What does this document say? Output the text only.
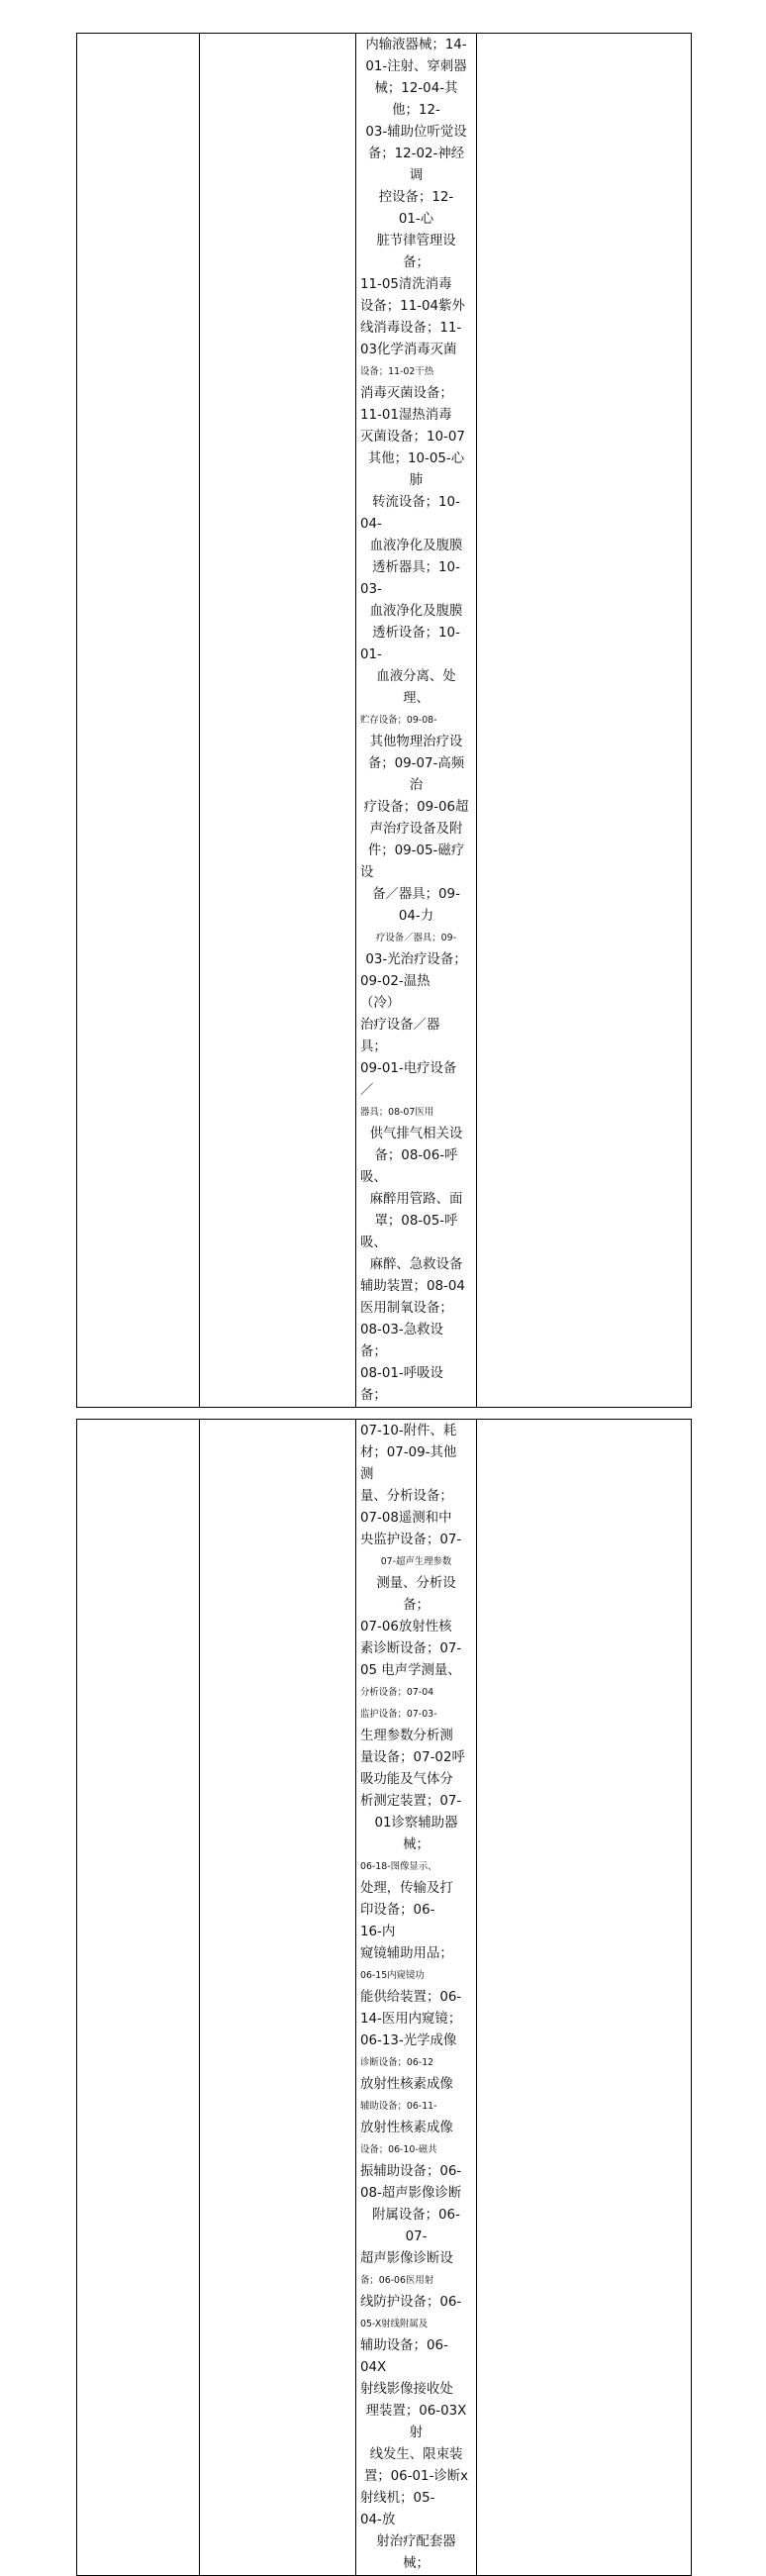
内输液器械；14-
01-注射、穿刺器
械；12-04-其
他；12-
03-辅助位听觉设
备；12-02-神经
调
控设备；12-
01-心
脏节律管理设
备；
11-05清洗消毒
设备；11-04紫外
线消毒设备；11-
03化学消毒灭菌
设备；11-02干热
消毒灭菌设备；
11-01湿热消毒
灭菌设备；10-07
其他；10-05-心
肺
转流设备；10-
04-
血液净化及腹膜
透析器具；10-
03-
血液净化及腹膜
透析设备；10-
01-
血液分离、处
理、
贮存设备；09-08-
其他物理治疗设
备；09-07-高频
治
疗设备；09-06超
声治疗设备及附
件；09-05-磁疗
设
备／器具；09-
04-力
疗设备／器具；09-
03-光治疗设备；
09-02-温热
（冷）
治疗设备／器
具；
09-01-电疗设备
／
器具；08-07医用
供气排气相关设
备；08-06-呼
吸、
麻醉用管路、面
罩；08-05-呼
吸、
麻醉、急救设备
辅助装置；08-04
医用制氧设备；
08-03-急救设
备；
08-01-呼吸设
备；

07-10-附件、耗
材；07-09-其他
测
量、分析设备；
07-08遥测和中
央监护设备；07-
07-超声生理参数
测量、分析设
备；
07-06放射性核
素诊断设备；07-
05 电声学测量、
分析设备；07-04
监护设备；07-03-
生理参数分析测
量设备；07-02呼
吸功能及气体分
析测定装置；07-
01诊察辅助器
械；
06-18-图像显示、
处理，传输及打
印设备；06-
16-内
窥镜辅助用品；
06-15内窥镜功
能供给装置；06-
14-医用内窥镜；
06-13-光学成像
诊断设备；06-12
放射性核素成像
辅助设备；06-11-
放射性核素成像
设备；06-10-磁共
振辅助设备；06-
08-超声影像诊断
附属设备；06-
07-
超声影像诊断设
备；06-06医用射
线防护设备；06-
05-X射线附属及
辅助设备；06-
04X
射线影像接收处
理装置；06-03X
射
线发生、限束装
置；06-01-诊断x
射线机；05-
04-放
射治疗配套器
械；
